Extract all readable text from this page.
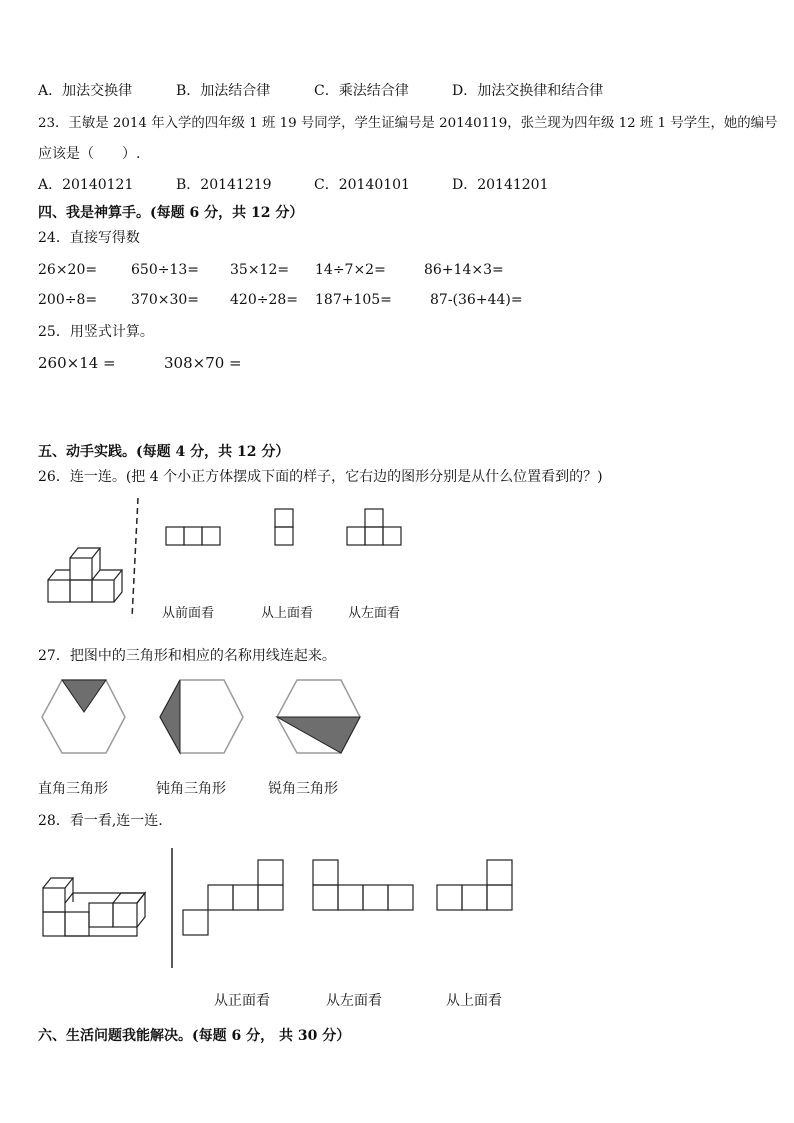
A．加法交换律	B．加法结合律	C．乘法结合律	D．加法交换律和结合律
23．王敏是 2014 年入学的四年级 1 班 19 号同学，学生证编号是 20140119，张兰现为四年级 12 班 1 号学生，她的编号
应该是（　　）.
A．20140121	B．20141219	C．20140101	D．20141201
四、我是神算手。(每题 6 分，共 12 分）
24．直接写得数
26×20= 650÷13= 35×12= 14÷7×2=	86+14×3=
200÷8= 370×30= 420÷28= 187+105=	87-(36+44)=
25．用竖式计算。
260×14 =	308×70 =
五、动手实践。(每题 4 分，共 12 分）
26．连一连。(把 4 个小正方体摆成下面的样子，它右边的图形分别是从什么位置看到的？)
从前面看	从上面看	从左面看
27．把图中的三角形和相应的名称用线连起来。
直角三角形	钝角三角形	锐角三角形
28．看一看,连一连.
从正面看	从左面看	从上面看
六、生活问题我能解决。(每题 6 分， 共 30 分）
